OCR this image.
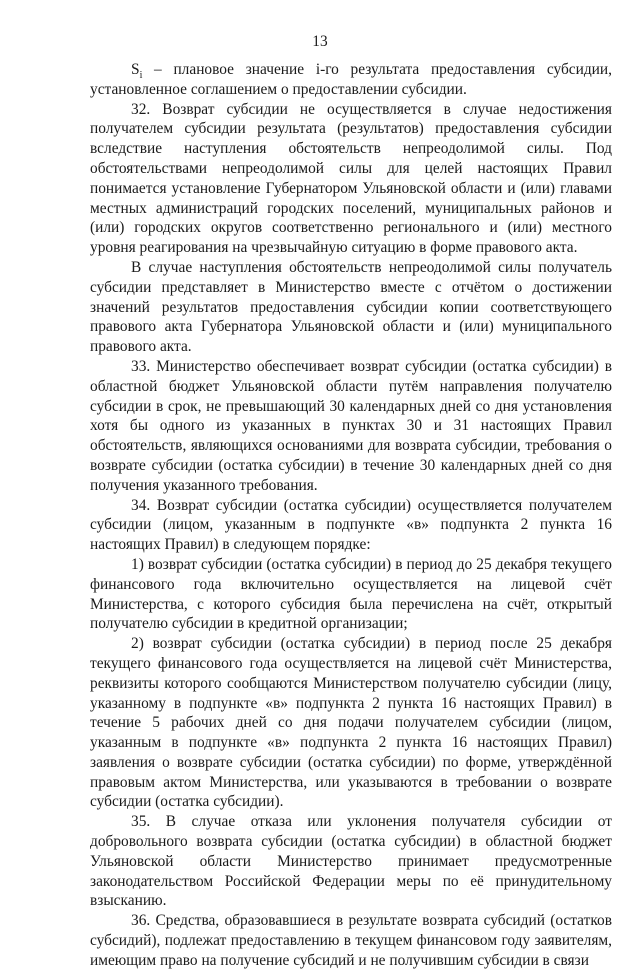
13

$S_i$ – плановое значение i-го результата предоставления субсидии, установленное соглашением о предоставлении субсидии.

32. Возврат субсидии не осуществляется в случае недостижения получателем субсидии результата (результатов) предоставления субсидии вследствие наступления обстоятельств непреодолимой силы. Под обстоятельствами непреодолимой силы для целей настоящих Правил понимается установление Губернатором Ульяновской области и (или) главами местных администраций городских поселений, муниципальных районов и (или) городских округов соответственно регионального и (или) местного уровня реагирования на чрезвычайную ситуацию в форме правового акта.

В случае наступления обстоятельств непреодолимой силы получатель субсидии представляет в Министерство вместе с отчётом о достижении значений результатов предоставления субсидии копии соответствующего правового акта Губернатора Ульяновской области и (или) муниципального правового акта.

33. Министерство обеспечивает возврат субсидии (остатка субсидии) в областной бюджет Ульяновской области путём направления получателю субсидии в срок, не превышающий 30 календарных дней со дня установления хотя бы одного из указанных в пунктах 30 и 31 настоящих Правил обстоятельств, являющихся основаниями для возврата субсидии, требования о возврате субсидии (остатка субсидии) в течение 30 календарных дней со дня получения указанного требования.

34. Возврат субсидии (остатка субсидии) осуществляется получателем субсидии (лицом, указанным в подпункте «в» подпункта 2 пункта 16 настоящих Правил) в следующем порядке:

1) возврат субсидии (остатка субсидии) в период до 25 декабря текущего финансового года включительно осуществляется на лицевой счёт Министерства, с которого субсидия была перечислена на счёт, открытый получателю субсидии в кредитной организации;

2) возврат субсидии (остатка субсидии) в период после 25 декабря текущего финансового года осуществляется на лицевой счёт Министерства, реквизиты которого сообщаются Министерством получателю субсидии (лицу, указанному в подпункте «в» подпункта 2 пункта 16 настоящих Правил) в течение 5 рабочих дней со дня подачи получателем субсидии (лицом, указанным в подпункте «в» подпункта 2 пункта 16 настоящих Правил) заявления о возврате субсидии (остатка субсидии) по форме, утверждённой правовым актом Министерства, или указываются в требовании о возврате субсидии (остатка субсидии).

35. В случае отказа или уклонения получателя субсидии от добровольного возврата субсидии (остатка субсидии) в областной бюджет Ульяновской области Министерство принимает предусмотренные законодательством Российской Федерации меры по её принудительному взысканию.

36. Средства, образовавшиеся в результате возврата субсидий (остатков субсидий), подлежат предоставлению в текущем финансовом году заявителям, имеющим право на получение субсидий и не получившим субсидии в связи
